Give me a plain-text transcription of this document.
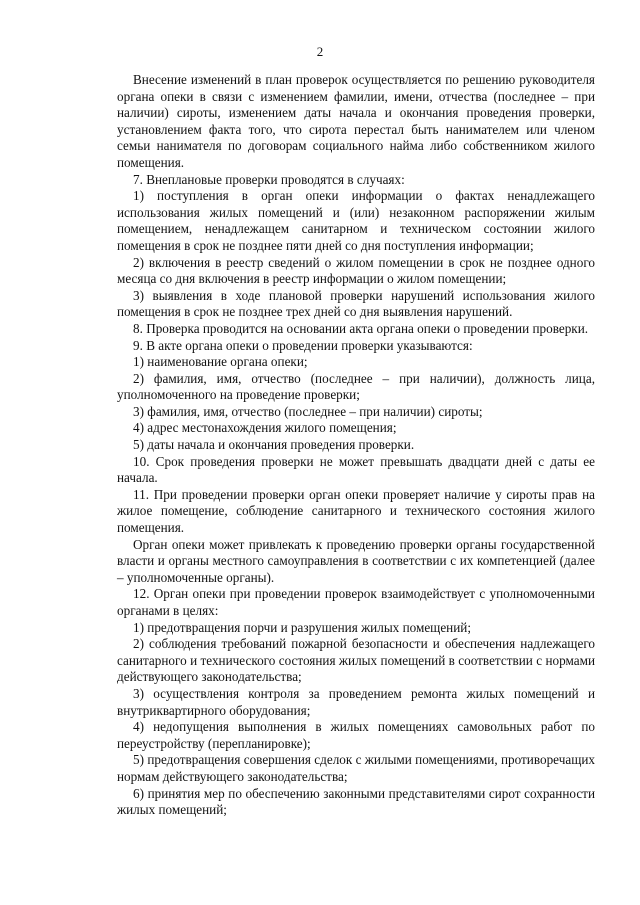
2

Внесение изменений в план проверок осуществляется по решению руководителя органа опеки в связи с изменением фамилии, имени, отчества (последнее – при наличии) сироты, изменением даты начала и окончания проведения проверки, установлением факта того, что сирота перестал быть нанимателем или членом семьи нанимателя по договорам социального найма либо собственником жилого помещения.

7. Внеплановые проверки проводятся в случаях:

1) поступления в орган опеки информации о фактах ненадлежащего использования жилых помещений и (или) незаконном распоряжении жилым помещением, ненадлежащем санитарном и техническом состоянии жилого помещения в срок не позднее пяти дней со дня поступления информации;

2) включения в реестр сведений о жилом помещении в срок не позднее одного месяца со дня включения в реестр информации о жилом помещении;

3) выявления в ходе плановой проверки нарушений использования жилого помещения в срок не позднее трех дней со дня выявления нарушений.

8. Проверка проводится на основании акта органа опеки о проведении проверки.

9. В акте органа опеки о проведении проверки указываются:

1) наименование органа опеки;

2) фамилия, имя, отчество (последнее – при наличии), должность лица, уполномоченного на проведение проверки;

3) фамилия, имя, отчество (последнее – при наличии) сироты;

4) адрес местонахождения жилого помещения;

5) даты начала и окончания проведения проверки.

10. Срок проведения проверки не может превышать двадцати дней с даты ее начала.

11. При проведении проверки орган опеки проверяет наличие у сироты прав на жилое помещение, соблюдение санитарного и технического состояния жилого помещения.

Орган опеки может привлекать к проведению проверки органы государственной власти и органы местного самоуправления в соответствии с их компетенцией (далее – уполномоченные органы).

12. Орган опеки при проведении проверок взаимодействует с уполномоченными органами в целях:

1) предотвращения порчи и разрушения жилых помещений;

2) соблюдения требований пожарной безопасности и обеспечения надлежащего санитарного и технического состояния жилых помещений в соответствии с нормами действующего законодательства;

3) осуществления контроля за проведением ремонта жилых помещений и внутриквартирного оборудования;

4) недопущения выполнения в жилых помещениях самовольных работ по переустройству (перепланировке);

5) предотвращения совершения сделок с жилыми помещениями, противоречащих нормам действующего законодательства;

6) принятия мер по обеспечению законными представителями сирот сохранности жилых помещений;
